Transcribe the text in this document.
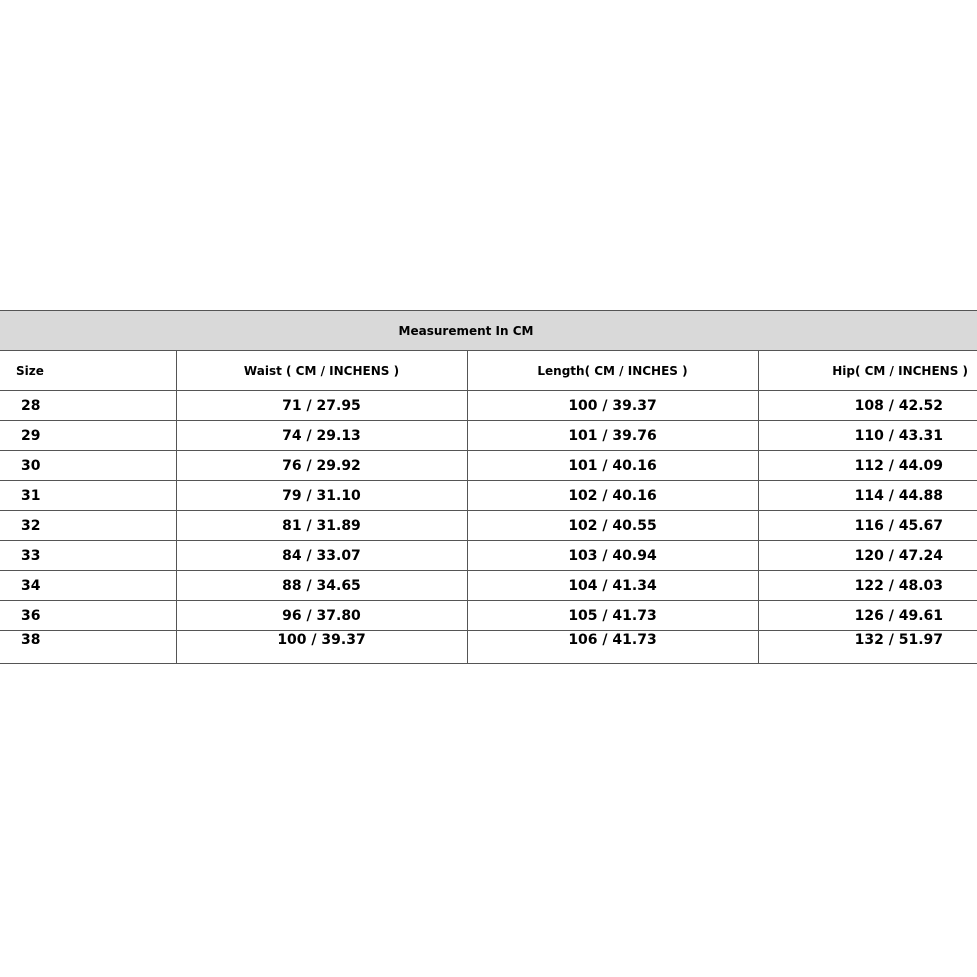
Measurement In CM			
Size	Waist ( CM / INCHENS )	Length( CM / INCHES )	Hip( CM / INCHENS )
28	71 / 27.95	100 / 39.37	108 / 42.52
29	74 / 29.13	101 / 39.76	110 / 43.31
30	76 / 29.92	101 / 40.16	112 / 44.09
31	79 / 31.10	102 / 40.16	114 / 44.88
32	81 / 31.89	102 / 40.55	116 / 45.67
33	84 / 33.07	103 / 40.94	120 / 47.24
34	88 / 34.65	104 / 41.34	122 / 48.03
36	96 / 37.80	105 / 41.73	126 / 49.61
38	100 / 39.37	106 / 41.73	132 / 51.97
